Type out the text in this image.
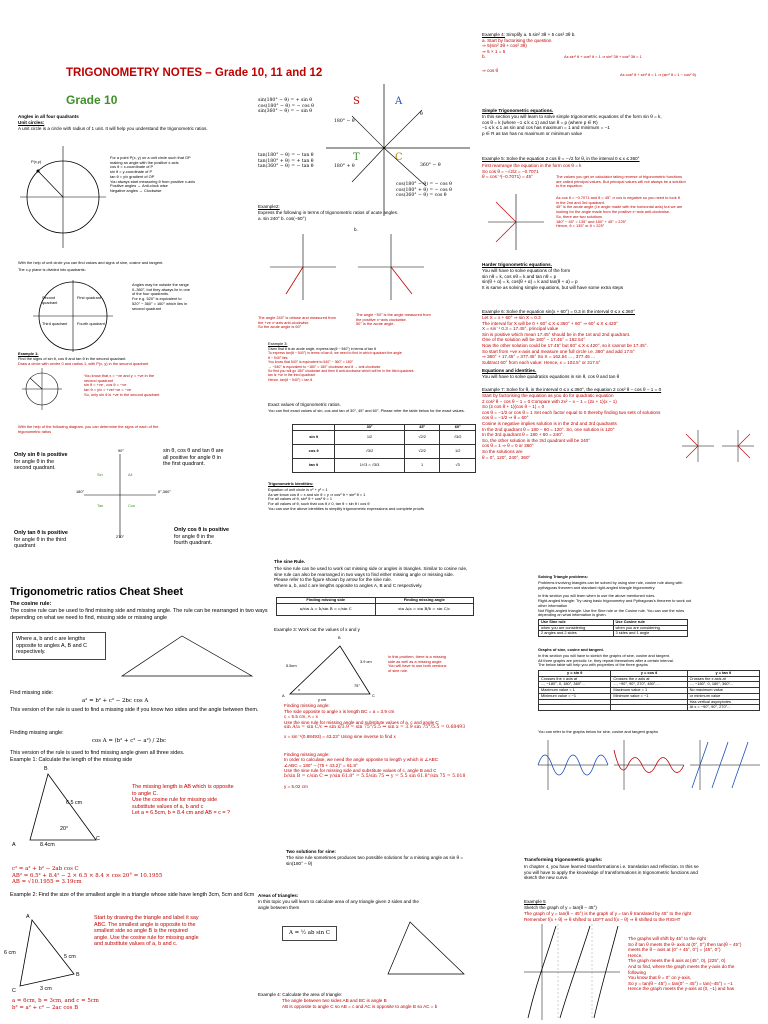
TRIGONOMETRY NOTES – Grade 10, 11 and 12
Grade 10
Angles in all four quadrants
Unit circles:
A unit circle is a circle with radius of 1 unit. It will help you understand the trigonometric ratios.
P(x,y)
For a point P(x, y) on a unit circle such that OP
making an angle with the positive x-axis
cos θ = x-coordinate of P
sin θ = y-coordinate of P
tan θ = y/x gradient of OP
You always start measuring θ from positive x-axis
Positive angles → Anti-clock wise
Negative angles → Clockwise
With the help of unit circle you can find values and signs of sine, cosine and tangent.
The x-y plane is divided into quadrants:
Second quadrant
First quadrant
Third quadrant	Fourth quadrant
Angles may be outside the range
0–360°, but they always lie in one
of the four quadrants.
For e.g. 520° is equivalent to
520° − 360° = 160° which lies in
second quadrant
Example 1:
Find the signs of sin θ, cos θ and tan θ in the second quadrant.
Draw a circle with centre 0 and radius 1, with P(x, y) in the second quadrant
You know that x = −ve and y = +ve in the
second quadrant
sin θ = +ve , cos θ = −ve
tan θ = y/x = +ve/−ve = −ve
So, only sin θ is +ve in the second quadrant
With the help of the following diagram, you can determine the signs of each of the
trigonometric ratios
Only sin θ is positive
for angle θ in the
second quadrant.
sin θ, cos θ and tan θ are
all positive for angle θ in
the first quadrant.
90°
0°,360°
180°
270°
Sin	All
Tan	Cos
Only tan θ is positive
for angle θ in the third
quadrant
Only cos θ is positive
for angle θ in the
fourth quadrant.
sin(180° − θ) = + sin θ
cos(180° − θ) = − cos θ
sin(360° − θ) = − sin θ
tan(180° − θ) = − tan θ
tan(180° + θ) = + tan θ
tan(360° − θ) = − tan θ
S	A
T	C
180° − θ
θ
180° + θ	360° − θ
cos(180° − θ) = − cos θ
cos(180° + θ) = − cos θ
cos(360° − θ) = cos θ
Example2:
Express the following in terms of trigonometric ratios of acute angles.
a. sin 240° b. cos(−50°)
b.
The angle 240° is obtuse and measured from
the +ve x−axis anti-clockwise.
So the acute angle is 60°
The angle −50° is the angle measured from
the positive x−axis clockwise.
50° is the acute angle.
Example 3:
Given that θ is an acute angle, express tan(θ − 540°) in terms of tan θ
To express tan(θ − 540°) in terms of tan θ, we need to find in which quadrant the angle
θ − 540° lies.
You know that 540° is equivalent to 540° − 360° = 180°
→ −540° is equivalent to −180° = 180° clockwise and θ → anti-clockwise
So first you will go 180° clockwise and then θ anti-clockwise which will be in the third quadrant.
tan is +ve in the third quadrant
Hence, tan(θ − 540°) = tan θ
Exact values of trigonometric ratios.
You can find exact values of sin, cos and tan of 30°, 45° and 60°. Please refer the table below for the exact values.
	30°	45°	60°
sin θ	1/2	√2/2	√3/2
cos θ	√3/2	√2/2	1/2
tan θ	1/√3 = √3/3	1	√3
Trigonometric Identities:
Equation of unit circle is x² + y² = 1
As we know cos θ = x and sin θ = y ⇒ cos² θ + sin² θ = 1
For all values of θ, sin² θ + cos² θ = 1
For all values of θ, such that cos θ ≠ 0, tan θ = sin θ / cos θ
You can use the above identities to simplify trigonometric expressions and complete proofs
Example 4: Simplify a. 5 sin² 3θ + 5 cos² 3θ b.
a. Start by factorising the question
⇒ 5(sin² 3θ + cos² 3θ)
⇒ 5 × 1 = 5
b.
⇒ cos θ
As sin² θ + cos² θ = 1 ⇒ sin² 3θ + cos² 3θ = 1
As cos² θ + sin² θ = 1 ⇒ (sin² θ = 1 − cos² θ)
Simple Trigonometric equations.
In this section you will learn to solve simple trigonometric equations of the form sin θ = k,
cos θ = k (where −1 ≤ k ≤ 1) and tan θ = p (where p ∈ R)
−1 ≤ k ≤ 1 as sin and cos has maximum = 1 and minimum = −1
p ∈ R as tan has no maximum or minimum value
Example 5: Solve the equation 2 cos θ = −√2 for θ, in the interval 0 ≤ x ≤ 360°
First rearrange the equation in the form cos θ = k
So cos θ = −√2/2 = −0.7071
θ = cos⁻¹(−0.7071) = 45°	The values you get on calculator taking reverse of trigonometric functions
are called principal values. But principal values will not always be a solution
to the equation.
As cos θ = −0.7071 and θ = 45° ⇒ cos is negative so you need to look θ
in the 2nd and 3rd quadrant.
45° is the acute angle (i.e angle made with the horizontal axis) but we are
looking for the angle made from the positive x−axis anti-clockwise.
So, there are two solutions
180° − 45° = 135° and 180° + 45° = 225°
Hence, θ = 135° or θ = 225°
Harder trigonometric equations.
You will have to solve equations of the form
sin nθ = k, cos nθ = k and tan nθ = p
sin(θ + α) = k, cos(θ + α) = k and tan(θ + α) = p
It is same as solving simple equations, but will have some extra steps
Example 6: Solve the equation sin(x + 60°) = 0.3 in the interval 0 ≤ x ≤ 360°
Let X = x + 60° ⇒ sin X = 0.3
The interval for X will be 0 + 60° ≤ X ≤ 360° + 60° ⇒ 60° ≤ X ≤ 420°
X = sin⁻¹ 0.3 = 17.45°, principal value
Sin is positive which mean 17.45° should be in the 1st and 2nd quadrant.
One of the solution will be 180° − 17.45° = 162.54°
Now the other solution could be 17.45° but 60° ≤ X ≤ 420°, so it cannot be 17.45°.
So start from +ve x-axis and measure one full circle i.e. 360° and add 17.5°
⇒ 360° + 17.45° = 377.45° So X = 162.54 ... , 377.45 ...
Subtract 60° from each value: Hence, x = 102.5° or 317.5°
Equations and identities.
You will have to solve quadratics equations in sin θ, cos θ and tan θ
Example 7: Solve for θ, in the interval 0 ≤ x ≤ 360°, the equation 2 cos² θ − cos θ − 1 = 0
Start by factorising the equation as you do for quadratic equation
2 cos² θ − cos θ − 1 = 0 Compare with 2x² − x − 1 = (2x + 1)(x − 1)
So (2 cos θ + 1)(cos θ − 1) = 0
cos θ = −1/2 or cos θ = 1 Set each factor equal to 0 thereby finding two sets of solutions
cos θ = −1/2 ⇒ θ = 60°
Cosine is negative implies solution is in the 2nd and 3rd quadrants
In the 2nd quadrant θ = 180 − 60 = 120°. So, one solution is 120°
In the 3rd quadrant θ = 180 + 60 = 240°.
So, the other solution in the 3rd quadrant will be 240°
cos θ = 1 ⇒ θ = 0 or 360°
So the solutions are
θ = 0°, 120°, 240°, 360°
Trigonometric ratios Cheat Sheet
The cosine rule:
The cosine rule can be used to find missing side and missing angle. The rule can be rearranged in two ways depending on what we need to find, missing side or missing angle
Where a, b and c are lengths opposite to angles A, B and C respectively.
Find missing side:
a² = b² + c² − 2bc cos A
This version of the rule is used to find a missing side if you know two sides and the angle between them.
Finding missing angle:
cos A = (b² + c² − a²) / 2bc
This version of the rule is used to find missing angle given all three sides.
Example 1: Calculate the length of the missing side
B
6.5 cm
20°
A	8.4cm
C
The missing length is AB which is opposite
to angle C.
Use the cosine rule for missing side
substitute values of a, b and c
Let a = 6.5cm, b = 8.4 cm and AB = c = ?
c² = a² + b² − 2ab cos C
AB² = 6.5² + 8.4² − 2 × 6.5 × 8.4 × cos 20° = 10.1955
AB = √10.1955 = 3.19cm
Example 2: Find the size of the smallest angle in a triangle whose side have length 3cm, 5cm and 6cm
A
6 cm
5 cm
C
B
3 cm
Start by drawing the triangle and label it say
ABC. The smallest angle is opposite to the
smallest side so angle B is the required
angle. Use the cosine rule for missing angle
and substitute values of a, b and c.
a = 6cm, b = 3cm, and c = 5cm
b² = a² + c² − 2ac cos B
The sine Rule.
The sine rule can be used to work out missing side or angles in triangles. Similar to cosine rule,
sine rule can also be rearranged in two ways to find either missing angle or missing side.
Please refer to the figure shown by arrow for the sine rule.
Where a, b, and c are lengths opposite to angles A, B and C respectively.
Finding missing side	Finding missing angle
a/sin A = b/sin B = c/sin C	sin A/a = sin B/b = sin C/c
Example 3: Work out the values of x and y
B
5.5cm
3.9 cm
A
75°
C
y cm
x
In this problem, there is a missing
side as well as a missing angle.
You will have to use both versions
of sine rule.
Finding missing angle:
The side opposite to angle x is length BC = a = 3.9 cm
c = 5.5 cm, A = x
Use the sine rule for missing angle and substitute values of a, c and angle C
sin A/a = sin C/c ⇒ sin x/3.9 = sin 75°/5.5 ⇒ sin x = 3.9 sin 75°/5.5 = 0.68493
x = sin⁻¹(0.68493) = 43.23° Using sine inverse to find x
Finding missing angle:
In order to calculate, we need the angle opposite to length y which is ∠ABC
∠ABC = 180° − (75 + 43.2)° = 61.8°
Use the sine rule for missing side and substitute values of c, angle B and C
b/sin B = c/sin C ⇒ y/sin 61.8° = 5.5/sin 75 ⇒ y = 5.5 sin 61.8°/sin 75 = 5.018
y = 5.02 cm
Two solutions for sine:
The sine rule sometimes produces two possible solutions for a missing angle as sin θ = sin(180° − θ)
Areas of triangles:
In this topic you will learn to calculate area of any triangle given 2 sides and the
angle between them
A = ½ ab sin C
Example 4: Calculate the area of triangle:
The angle between two sides AB and BC is angle B
AB is opposite to angle C so AB = c and AC is opposite to angle B so AC = b
Solving Triangle problems:
Problems involving triangles can be solved by using sine rule, cosine rule along with
pythagoras theorem and standard right-angled triangle trigonometry.
In this section you will learn when to use the above mentioned rules.
Right-angled triangle: Try using basic trigonometry and Pythagoras's theorem to work out
other information
Not Right-angled triangle: Use the Sine rule or the Cosine rule. You can use the rules
depending on what information is given.
Use Sine rule	Use Cosine rule
when you are considering	when you are considering
2 angles and 2 sides	3 sides and 1 angle
Graphs of sine, cosine and tangent.
In this section you will have to sketch the graphs of sine, cosine and tangent.
All three graphs are periodic i.e. they repeat themselves after a certain interval.
The below table will help you with properties of the three graphs
y = sin θ	y = cos θ	y = tan θ
Crosses the x axis at	Crosses the x axis at	Crosses the x axis at
..., −180°, 0, 180°, 360°...	..., −90°, 90°, 270°, 450°,...	..., −180°, 0, 180°, 360°...
Maximum value = 1	Maximum value = 1	No maximum value
Minimum value = −1	Minimum value = −1	or minimum value
		Has vertical asymptotes
		At x = −90°, 90°, 270°...
You can refer to the graphs below for sine, cosine and tangent graphs
Transforming trigonometric graphs:
In chapter 4, you have learned transformations i.e. translation and reflection. In this se
you will have to apply the knowledge of transformations in trigonometric functions and
sketch the new curve.
Example 5
Sketch the graph of y = tan(θ − 45°)
The graph of y = tan(θ − 45°) is the graph of y = tan θ translated by 45° to the right
Remember f(x + θ) ⇒ θ shifted to LEFT and f(x − θ) ⇒ θ shifted to the RIGHT
The graphs will shift by 45° to the right
So if tan θ meets the θ- axis at (0°, 0°) then tan(θ − 45°)
meets the θ − axis at (0° + 45°, 0°) = (45°, 0°)
Hence,
The graph meets the θ axis at (45°, 0), (225°, 0)
And to find, where the graph meets the y-axis do the
following
You know that θ = 0° on y-axis,
So y = tan(θ − 45°) = tan(0° − 45°) = tan(−45°) = −1
Hence the graph meets the y-axis at (0, −1) and has
